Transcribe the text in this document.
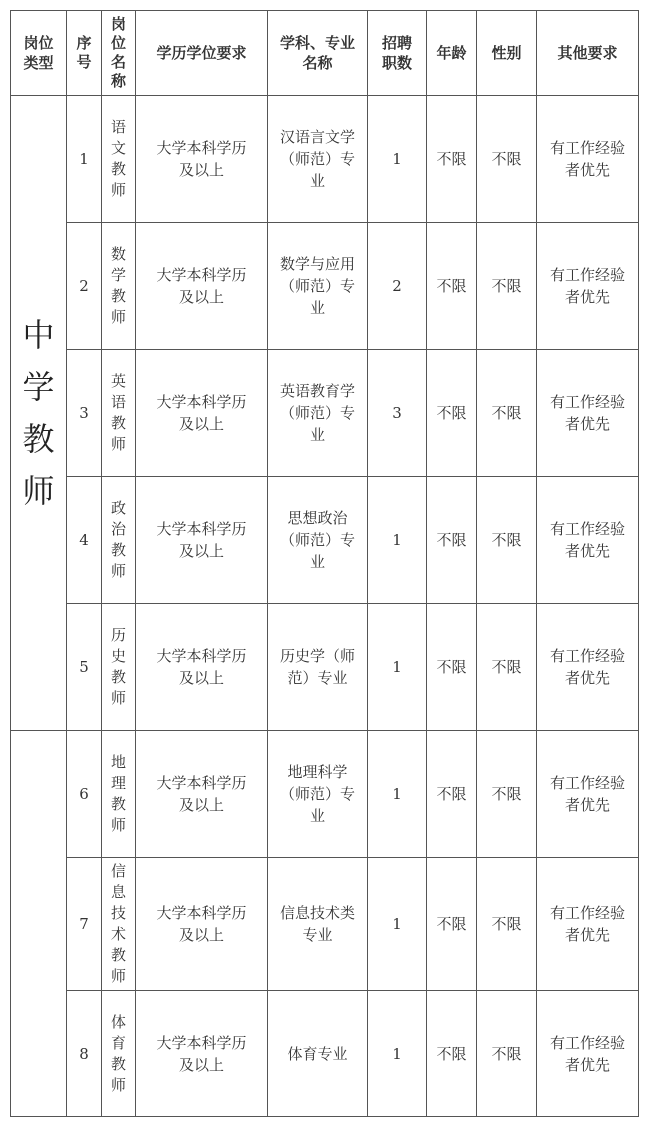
岗位类型	序号	岗位名称	学历学位要求	学科、专业名称	招聘职数	年龄	性别	其他要求
中学教师	1	语文教师	大学本科学历及以上	汉语言文学（师范）专业	1	不限	不限	有工作经验者优先
	2	数学教师	大学本科学历及以上	数学与应用（师范）专业	2	不限	不限	有工作经验者优先
	3	英语教师	大学本科学历及以上	英语教育学（师范）专业	3	不限	不限	有工作经验者优先
	4	政治教师	大学本科学历及以上	思想政治（师范）专业	1	不限	不限	有工作经验者优先
	5	历史教师	大学本科学历及以上	历史学（师范）专业	1	不限	不限	有工作经验者优先
	6	地理教师	大学本科学历及以上	地理科学（师范）专业	1	不限	不限	有工作经验者优先
	7	信息技术教师	大学本科学历及以上	信息技术类专业	1	不限	不限	有工作经验者优先
	8	体育教师	大学本科学历及以上	体育专业	1	不限	不限	有工作经验者优先
